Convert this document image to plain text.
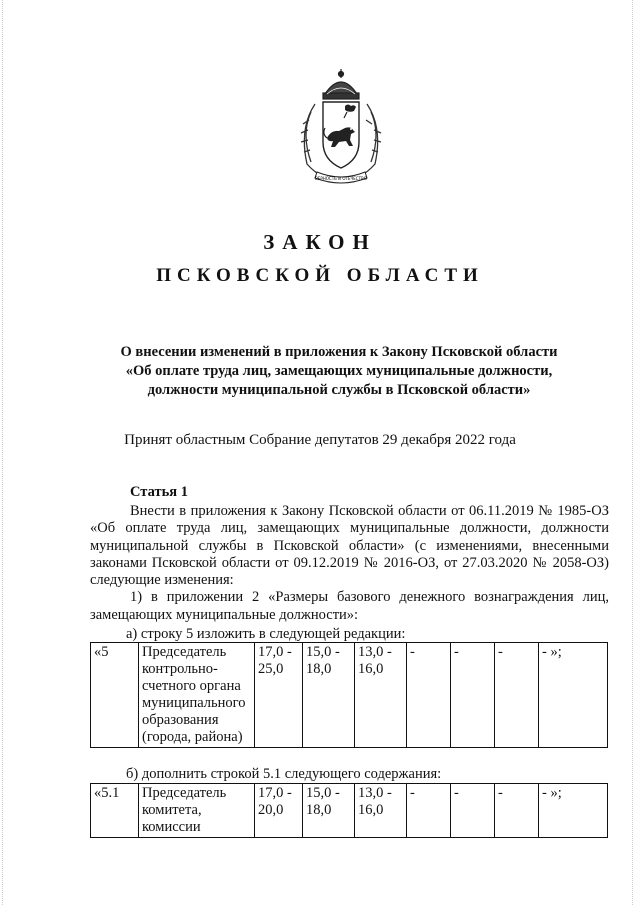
ВЕРНОСТЬ И ОТЕЧЕСТВО
ЗАКОН
ПСКОВСКОЙ ОБЛАСТИ
О внесении изменений в приложения к Закону Псковской области
«Об оплате труда лиц, замещающих муниципальные должности,
должности муниципальной службы в Псковской области»
Принят областным Собрание депутатов 29 декабря 2022 года
Статья 1

Внести в приложения к Закону Псковской области от 06.11.2019 № 1985-ОЗ «Об оплате труда лиц, замещающих муниципальные должности, должности муниципальной службы в Псковской области» (с изменениями, внесенными законами Псковской области от 09.12.2019 № 2016-ОЗ, от 27.03.2020 № 2058-ОЗ) следующие изменения:

1) в приложении 2 «Размеры базового денежного вознаграждения лиц, замещающих муниципальные должности»:

а) строку 5 изложить в следующей редакции:
«5	Председатель контрольно-счетного органа муниципального образования (города, района)	17,0 - 25,0	15,0 - 18,0	13,0 - 16,0	-	-	-	- »;
б) дополнить строкой 5.1 следующего содержания:
«5.1	Председатель комитета, комиссии	17,0 - 20,0	15,0 - 18,0	13,0 - 16,0	-	-	-	- »;
